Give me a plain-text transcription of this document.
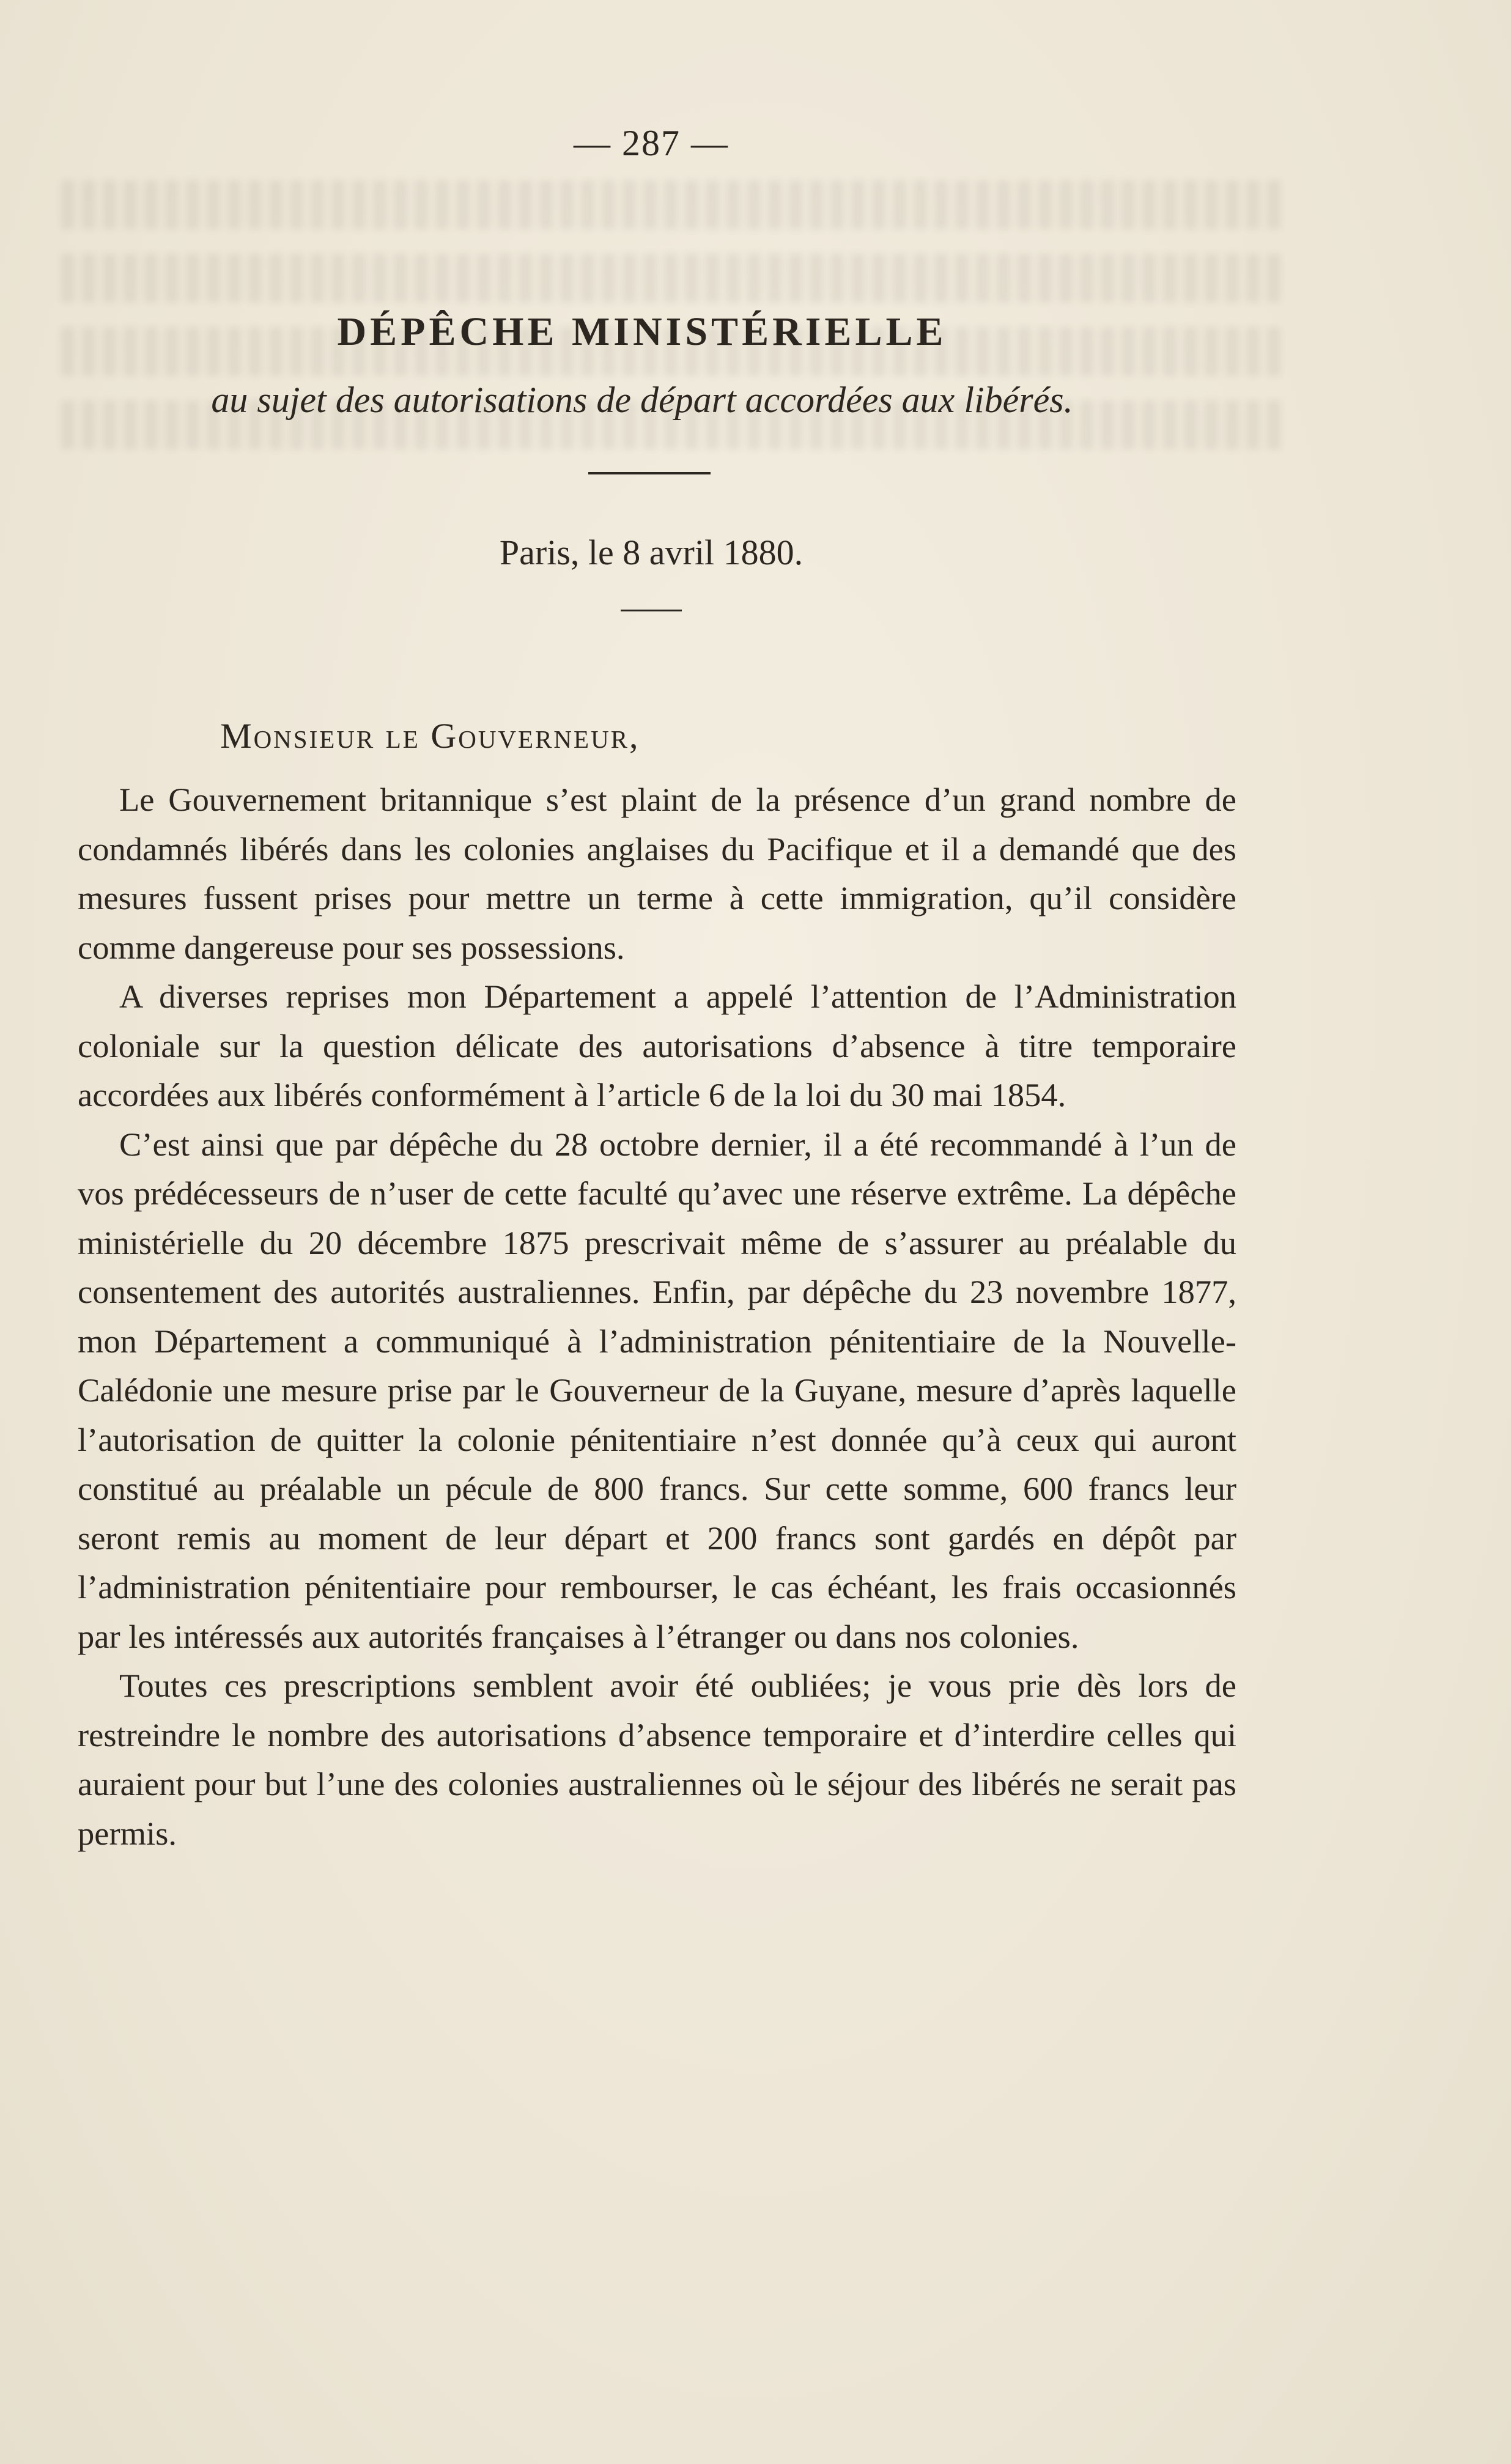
— 287 —
DÉPÊCHE MINISTÉRIELLE
au sujet des autorisations de départ accordées aux libérés.
Paris, le 8 avril 1880.
Monsieur le Gouverneur,

Le Gouvernement britannique s’est plaint de la présence d’un grand nombre de condamnés libérés dans les colonies anglaises du Pacifique et il a demandé que des mesures fussent prises pour mettre un terme à cette immigration, qu’il considère comme dangereuse pour ses possessions.

A diverses reprises mon Département a appelé l’attention de l’Administration coloniale sur la question délicate des autorisations d’absence à titre temporaire accordées aux libérés conformément à l’article 6 de la loi du 30 mai 1854.

C’est ainsi que par dépêche du 28 octobre dernier, il a été recommandé à l’un de vos prédécesseurs de n’user de cette faculté qu’avec une réserve extrême. La dépêche ministérielle du 20 décembre 1875 prescrivait même de s’assurer au préalable du consentement des autorités australiennes. Enfin, par dépêche du 23 novembre 1877, mon Département a communiqué à l’administration pénitentiaire de la Nouvelle-Calédonie une mesure prise par le Gouverneur de la Guyane, mesure d’après laquelle l’autorisation de quitter la colonie pénitentiaire n’est donnée qu’à ceux qui auront constitué au préalable un pécule de 800 francs. Sur cette somme, 600 francs leur seront remis au moment de leur départ et 200 francs sont gardés en dépôt par l’administration pénitentiaire pour rembourser, le cas échéant, les frais occasionnés par les intéressés aux autorités françaises à l’étranger ou dans nos colonies.

Toutes ces prescriptions semblent avoir été oubliées; je vous prie dès lors de restreindre le nombre des autorisations d’absence temporaire et d’interdire celles qui auraient pour but l’une des colonies australiennes où le séjour des libérés ne serait pas permis.
